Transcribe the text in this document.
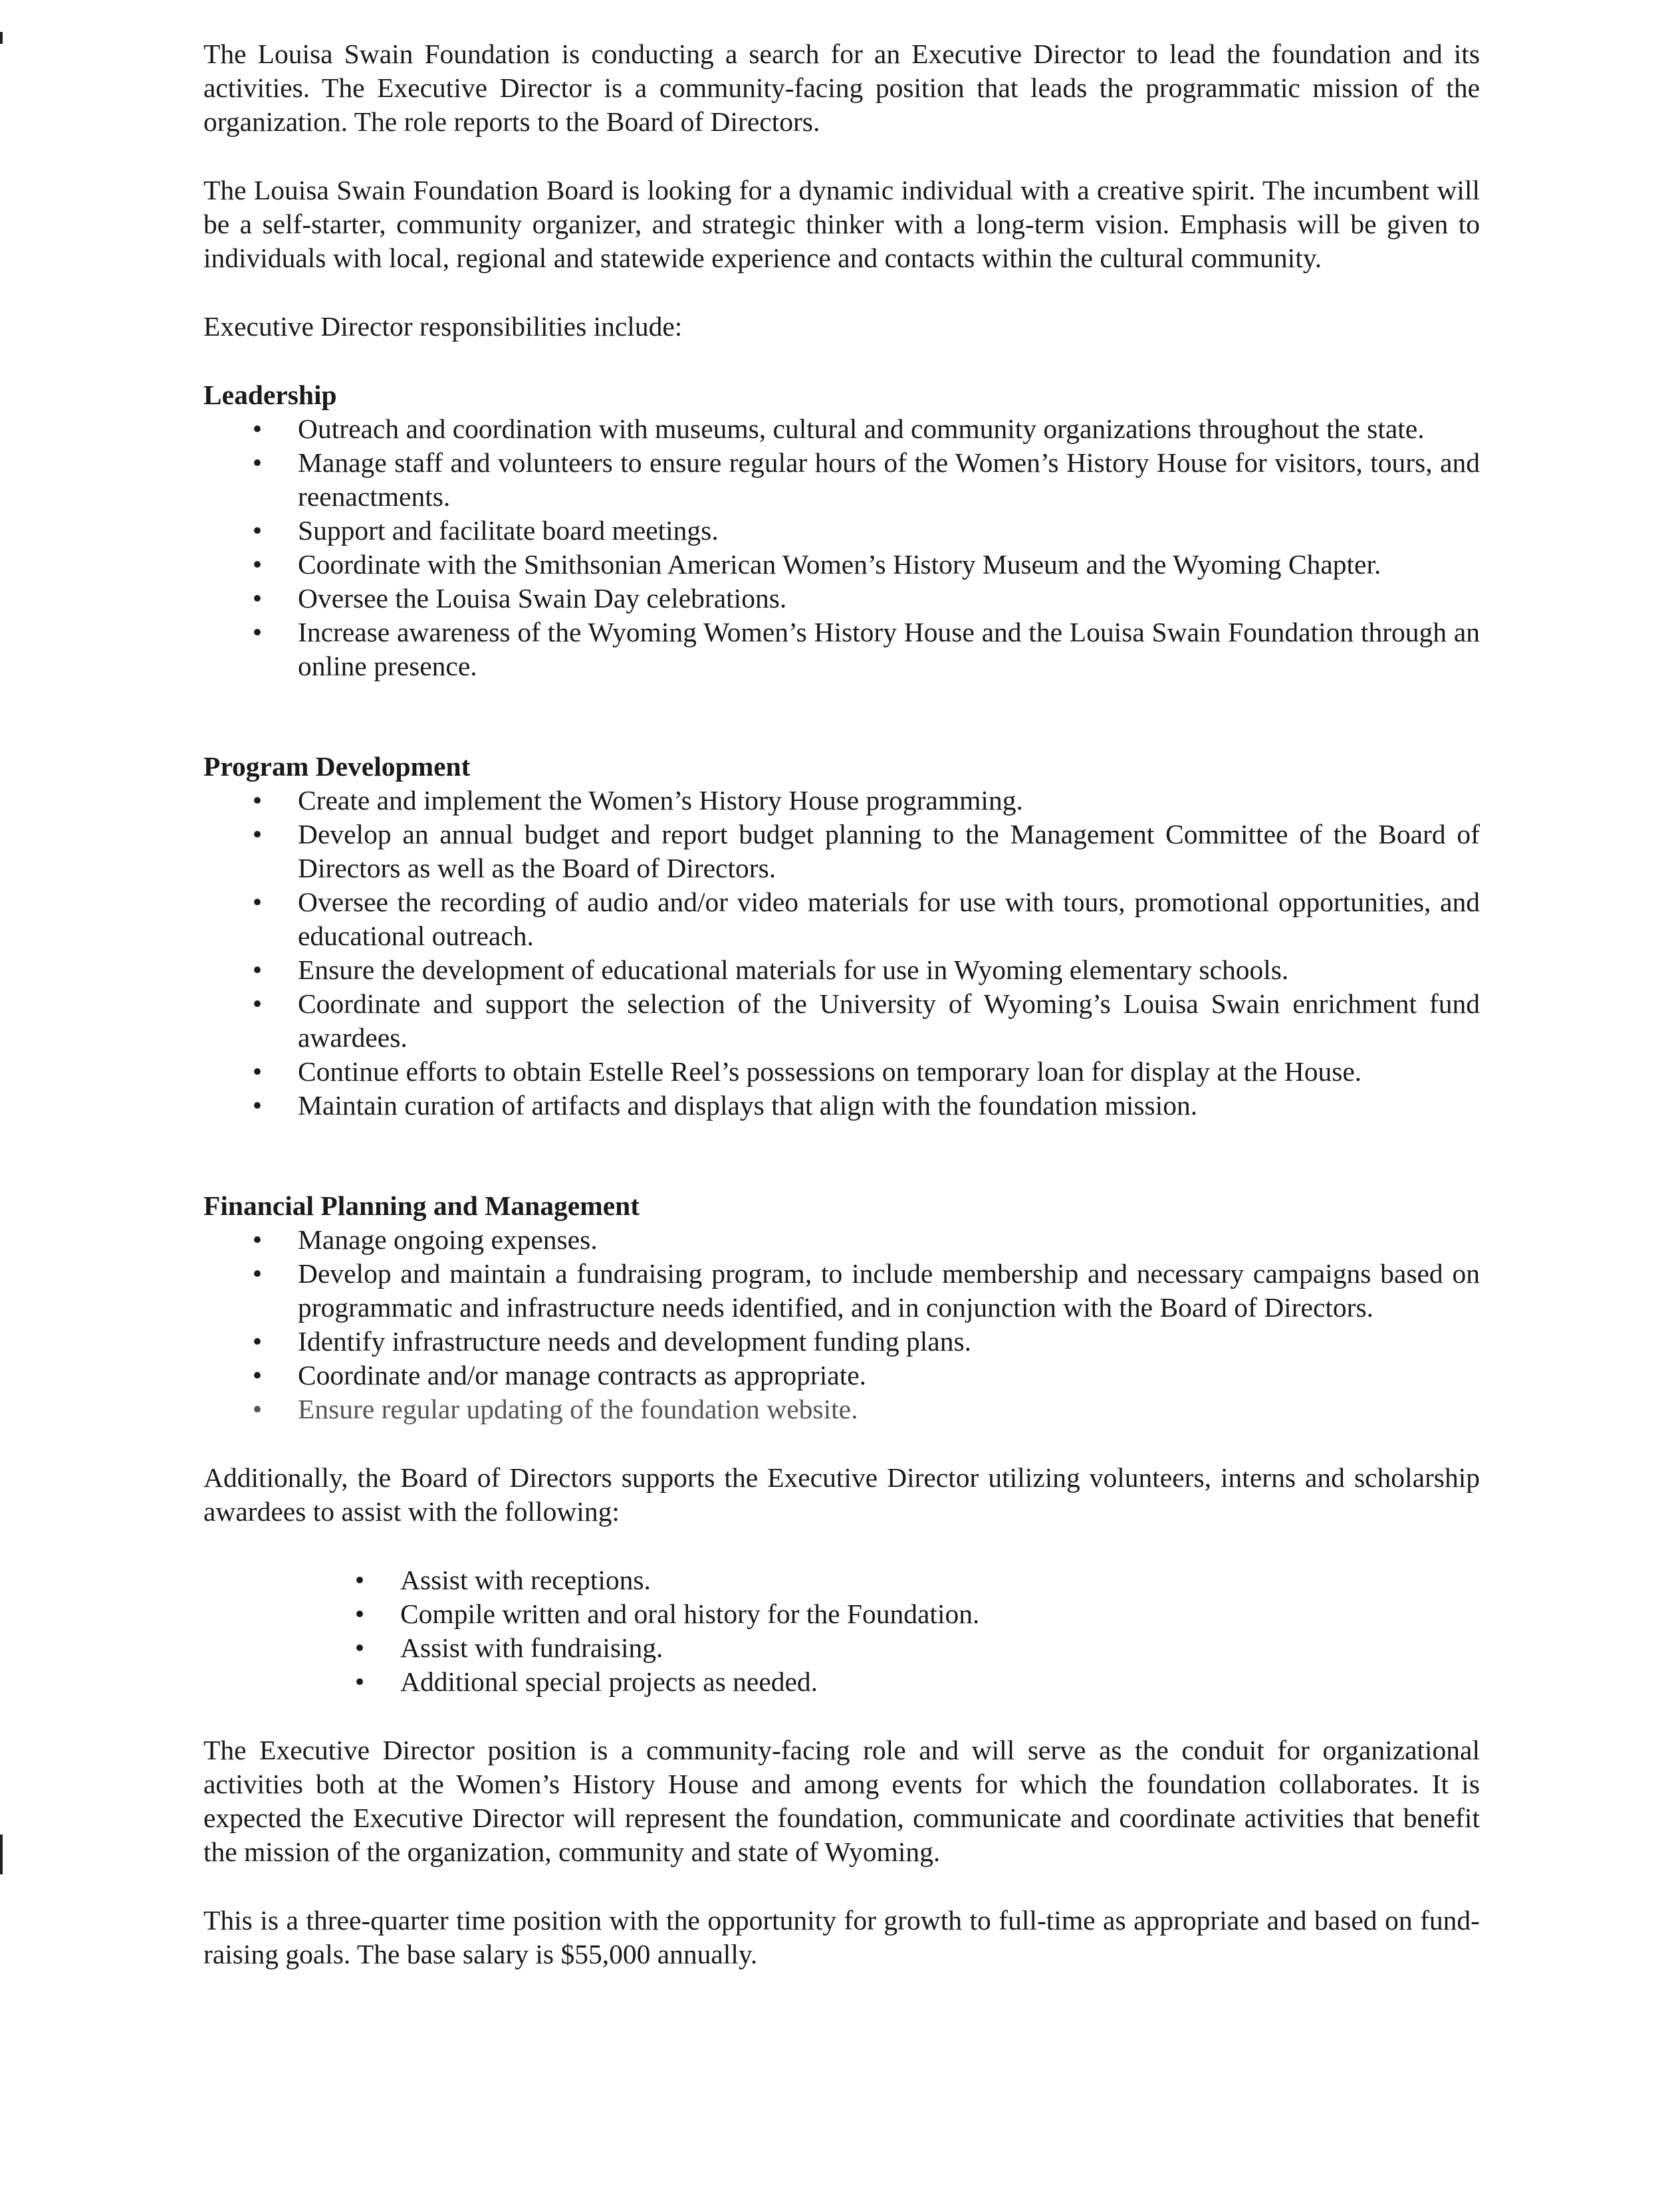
The Louisa Swain Foundation is conducting a search for an Executive Director to lead the foundation and its activities. The Executive Director is a community-facing position that leads the programmatic mission of the organization. The role reports to the Board of Directors.

The Louisa Swain Foundation Board is looking for a dynamic individual with a creative spirit. The incumbent will be a self-starter, community organizer, and strategic thinker with a long-term vision. Emphasis will be given to individuals with local, regional and statewide experience and contacts within the cultural community.

Executive Director responsibilities include:

Leadership
• Outreach and coordination with museums, cultural and community organizations throughout the state.
• Manage staff and volunteers to ensure regular hours of the Women’s History House for visitors, tours, and reenactments.
• Support and facilitate board meetings.
• Coordinate with the Smithsonian American Women’s History Museum and the Wyoming Chapter.
• Oversee the Louisa Swain Day celebrations.
• Increase awareness of the Wyoming Women’s History House and the Louisa Swain Foundation through an online presence.
Program Development
• Create and implement the Women’s History House programming.
• Develop an annual budget and report budget planning to the Management Committee of the Board of Directors as well as the Board of Directors.
• Oversee the recording of audio and/or video materials for use with tours, promotional opportunities, and educational outreach.
• Ensure the development of educational materials for use in Wyoming elementary schools.
• Coordinate and support the selection of the University of Wyoming’s Louisa Swain enrichment fund awardees.
• Continue efforts to obtain Estelle Reel’s possessions on temporary loan for display at the House.
• Maintain curation of artifacts and displays that align with the foundation mission.
Financial Planning and Management
• Manage ongoing expenses.
• Develop and maintain a fundraising program, to include membership and necessary campaigns based on programmatic and infrastructure needs identified, and in conjunction with the Board of Directors.
• Identify infrastructure needs and development funding plans.
• Coordinate and/or manage contracts as appropriate.
• Ensure regular updating of the foundation website.

Additionally, the Board of Directors supports the Executive Director utilizing volunteers, interns and scholarship awardees to assist with the following:

• Assist with receptions.
• Compile written and oral history for the Foundation.
• Assist with fundraising.
• Additional special projects as needed.

The Executive Director position is a community-facing role and will serve as the conduit for organizational activities both at the Women’s History House and among events for which the foundation collaborates. It is expected the Executive Director will represent the foundation, communicate and coordinate activities that benefit the mission of the organization, community and state of Wyoming.

This is a three-quarter time position with the opportunity for growth to full-time as appropriate and based on fund-raising goals. The base salary is $55,000 annually.
